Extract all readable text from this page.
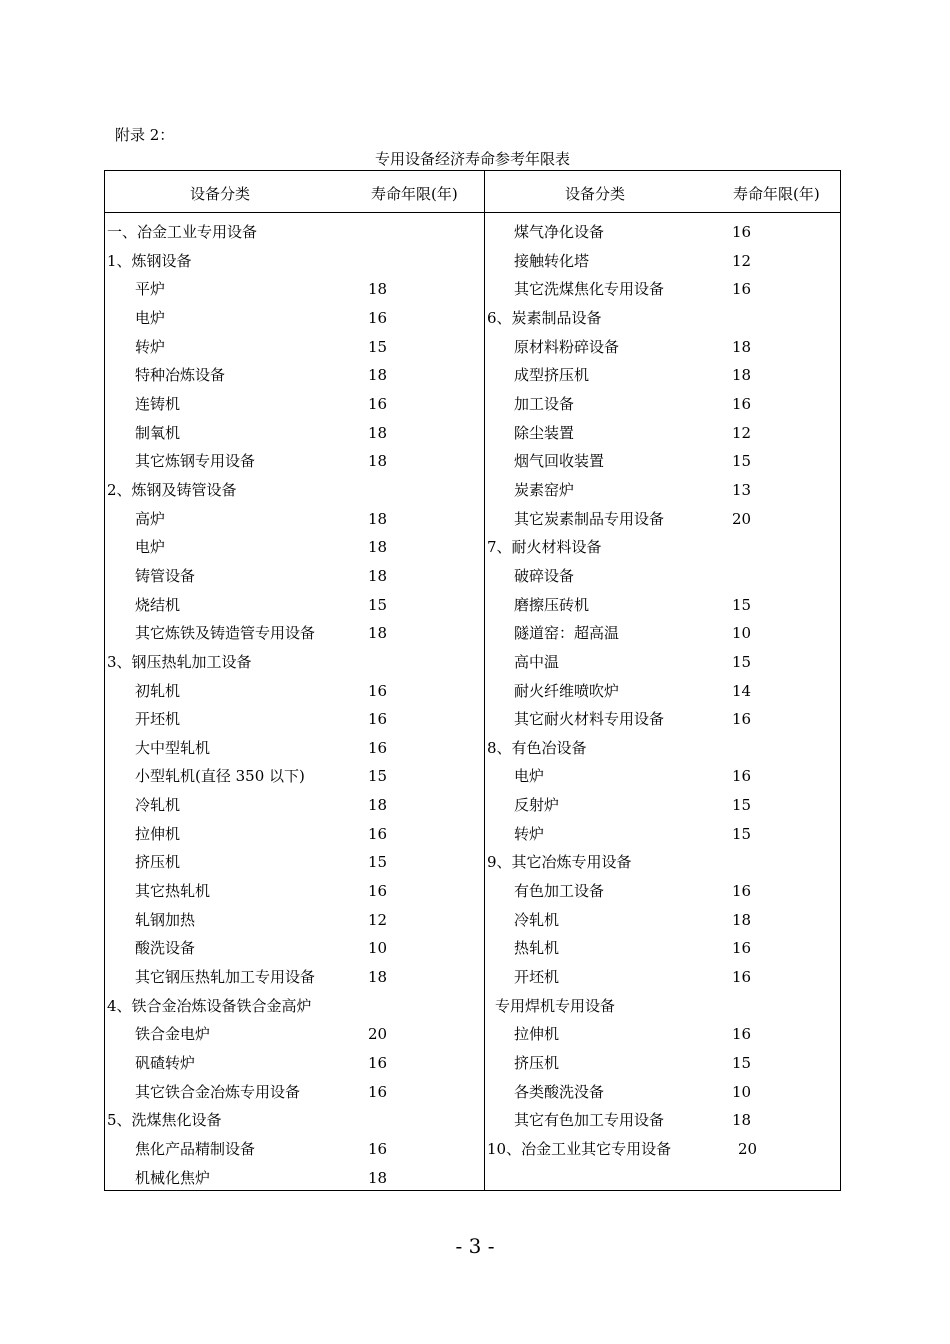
附录 2：
专用设备经济寿命参考年限表
设备分类	寿命年限(年)	设备分类	寿命年限(年)
一、冶金工业专用设备
1、炼钢设备
平炉	18
电炉	16
转炉	15
特种冶炼设备	18
连铸机	16
制氧机	18
其它炼钢专用设备	18
2、炼钢及铸管设备
高炉	18
电炉	18
铸管设备	18
烧结机	15
其它炼铁及铸造管专用设备	18
3、钢压热轧加工设备
初轧机	16
开坯机	16
大中型轧机	16
小型轧机(直径 350 以下)	15
冷轧机	18
拉伸机	16
挤压机	15
其它热轧机	16
轧钢加热	12
酸洗设备	10
其它钢压热轧加工专用设备	18
4、铁合金冶炼设备铁合金高炉
铁合金电炉	20
矾碴转炉	16
其它铁合金冶炼专用设备	16
5、洗煤焦化设备
焦化产品精制设备	16
机械化焦炉	18
煤气净化设备	16
接触转化塔	12
其它洗煤焦化专用设备	16
6、炭素制品设备
原材料粉碎设备	18
成型挤压机	18
加工设备	16
除尘装置	12
烟气回收装置	15
炭素窑炉	13
其它炭素制品专用设备	20
7、耐火材料设备
破碎设备
磨擦压砖机	15
隧道窑：超高温	10
高中温	15
耐火纤维喷吹炉	14
其它耐火材料专用设备	16
8、有色冶设备
电炉	16
反射炉	15
转炉	15
9、其它冶炼专用设备
有色加工设备	16
冷轧机	18
热轧机	16
开坯机	16
专用焊机专用设备
拉伸机	16
挤压机	15
各类酸洗没备	10
其它有色加工专用设备	18
10、冶金工业其它专用设备	20
- 3 -
